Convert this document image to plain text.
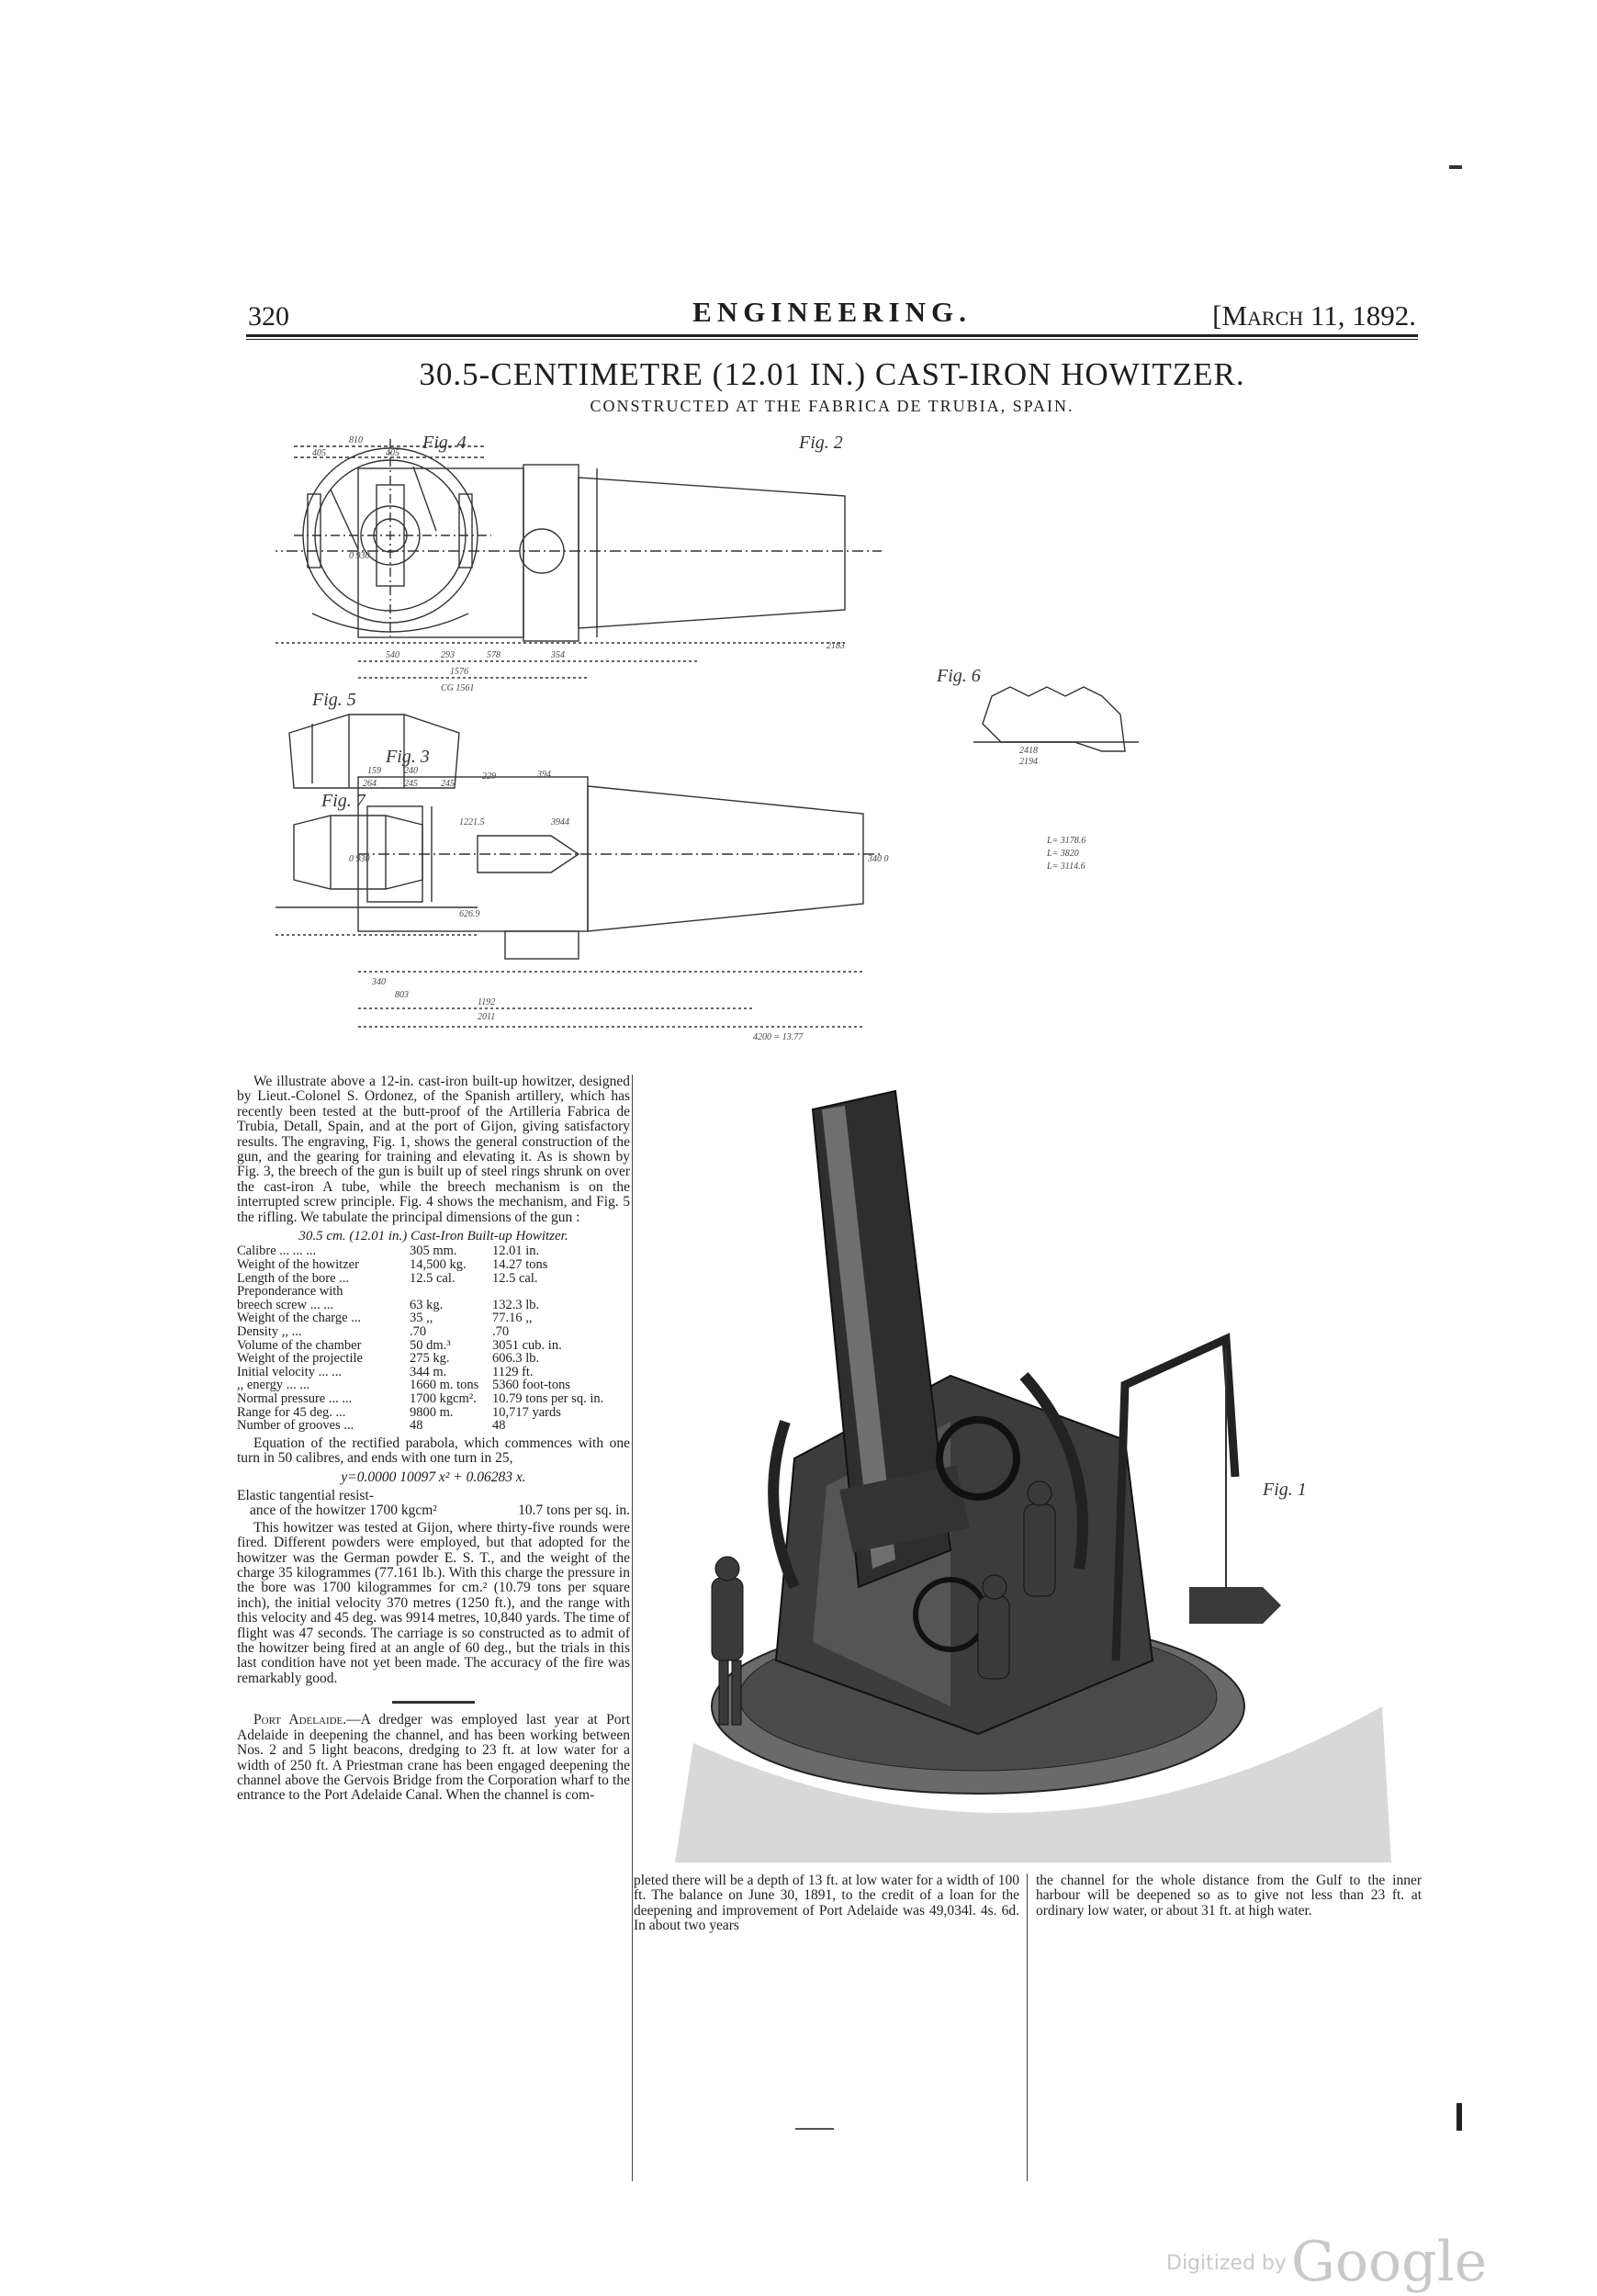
320	ENGINEERING.	[March 11, 1892.
30.5-CENTIMETRE (12.01 IN.) CAST-IRON HOWITZER.
CONSTRUCTED AT THE FABRICA DE TRUBIA, SPAIN.
Fig. 4	Fig. 2
Fig. 6
Fig. 5
Fig. 3
Fig. 7
810
405	405
540	293	578	354
1576
CG 1561
2183
2418
2194
159	240
264	245	245
229	394
1221.5	3944
626.9
L= 3178.6
L= 3820
L= 3114.6
340
803
1192
2011
4200 = 13.77
0 930
0 930	340 0
Fig. 1

We illustrate above a 12-in. cast-iron built-up howitzer, designed by Lieut.-Colonel S. Ordonez, of the Spanish artillery, which has recently been tested at the butt-proof of the Artilleria Fabrica de Trubia, Detall, Spain, and at the port of Gijon, giving satisfactory results. The engraving, Fig. 1, shows the general construction of the gun, and the gearing for training and elevating it. As is shown by Fig. 3, the breech of the gun is built up of steel rings shrunk on over the cast-iron A tube, while the breech mechanism is on the interrupted screw principle. Fig. 4 shows the mechanism, and Fig. 5 the rifling. We tabulate the principal dimensions of the gun :

30.5 cm. (12.01 in.) Cast-Iron Built-up Howitzer.
Calibre ... ... ...	305 mm.	12.01 in.
Weight of the howitzer	14,500 kg.	14.27 tons
Length of the bore ...	12.5 cal.	12.5 cal.
Preponderance with		
breech screw ... ...	63 kg.	132.3 lb.
Weight of the charge ...	35 ,,	77.16 ,,
Density ,, ...	.70	.70
Volume of the chamber	50 dm.³	3051 cub. in.
Weight of the projectile	275 kg.	606.3 lb.
Initial velocity ... ...	344 m.	1129 ft.
,, energy ... ...	1660 m. tons	5360 foot-tons
Normal pressure ... ...	1700 kgcm².	10.79 tons per sq. in.
Range for 45 deg. ...	9800 m.	10,717 yards
Number of grooves ...	48	48

Equation of the rectified parabola, which commences with one turn in 50 calibres, and ends with one turn in 25,

y=0.0000 10097 x² + 0.06283 x.
Elastic tangential resist-
ance of the howitzer 1700 kgcm²	10.7 tons per sq. in.

This howitzer was tested at Gijon, where thirty-five rounds were fired. Different powders were employed, but that adopted for the howitzer was the German powder E. S. T., and the weight of the charge 35 kilogrammes (77.161 lb.). With this charge the pressure in the bore was 1700 kilogrammes for cm.² (10.79 tons per square inch), the initial velocity 370 metres (1250 ft.), and the range with this velocity and 45 deg. was 9914 metres, 10,840 yards. The time of flight was 47 seconds. The carriage is so constructed as to admit of the howitzer being fired at an angle of 60 deg., but the trials in this last condition have not yet been made. The accuracy of the fire was remarkably good.

Port Adelaide.—A dredger was employed last year at Port Adelaide in deepening the channel, and has been working between Nos. 2 and 5 light beacons, dredging to 23 ft. at low water for a width of 250 ft. A Priestman crane has been engaged deepening the channel above the Gervois Bridge from the Corporation wharf to the entrance to the Port Adelaide Canal. When the channel is com-

pleted there will be a depth of 13 ft. at low water for a width of 100 ft. The balance on June 30, 1891, to the credit of a loan for the deepening and improvement of Port Adelaide was 49,034l. 4s. 6d. In about two years

the channel for the whole distance from the Gulf to the inner harbour will be deepened so as to give not less than 23 ft. at ordinary low water, or about 31 ft. at high water.

Digitized by Google
